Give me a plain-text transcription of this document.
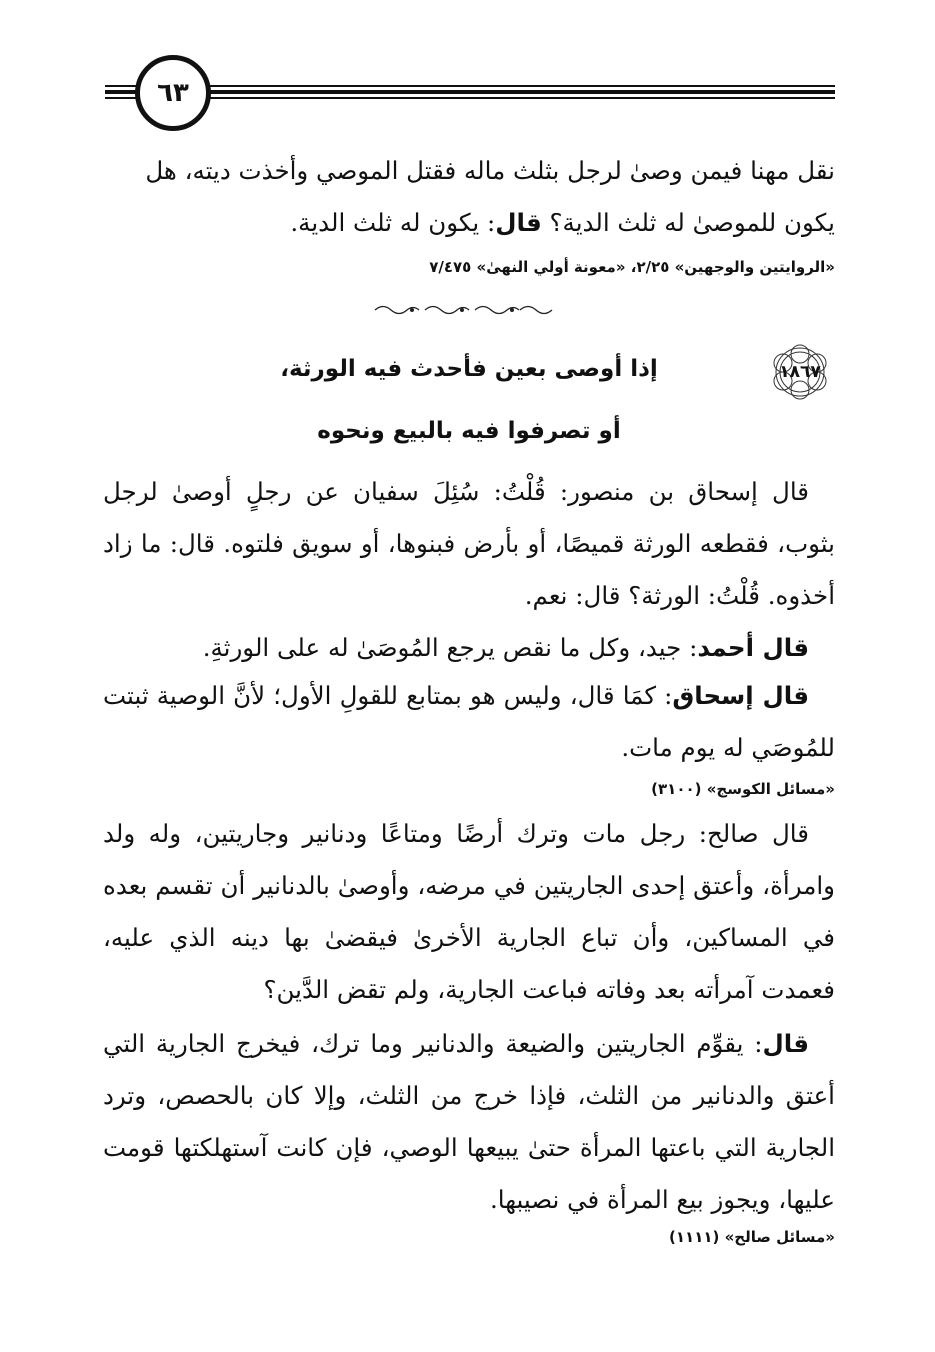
٦٣

نقل مهنا فيمن وصىٰ لرجل بثلث ماله فقتل الموصي وأخذت ديته، هل

يكون للموصىٰ له ثلث الدية؟ قال: يكون له ثلث الدية.

«الروايتين والوجهين» ٢/٢٥، «معونة أولي النهىٰ» ٧/٤٧٥
١٨٦٧
إذا أوصى بعين فأحدث فيه الورثة،
أو تصرفوا فيه بالبيع ونحوه

قال إسحاق بن منصور: قُلْتُ: سُئِلَ سفيان عن رجلٍ أوصىٰ لرجل بثوب، فقطعه الورثة قميصًا، أو بأرض فبنوها، أو سويق فلتوه. قال: ما زاد أخذوه. قُلْتُ: الورثة؟ قال: نعم.

قال أحمد: جيد، وكل ما نقص يرجع المُوصَىٰ له على الورثةِ.

قال إسحاق: كمَا قال، وليس هو بمتابع للقولِ الأول؛ لأنَّ الوصية ثبتت للمُوصَي له يوم مات.

«مسائل الكوسج» (٣١٠٠)

قال صالح: رجل مات وترك أرضًا ومتاعًا ودنانير وجاريتين، وله ولد وامرأة، وأعتق إحدى الجاريتين في مرضه، وأوصىٰ بالدنانير أن تقسم بعده في المساكين، وأن تباع الجارية الأخرىٰ فيقضىٰ بها دينه الذي عليه، فعمدت آمرأته بعد وفاته فباعت الجارية، ولم تقض الدَّين؟

قال: يقوِّم الجاريتين والضيعة والدنانير وما ترك، فيخرج الجارية التي أعتق والدنانير من الثلث، فإذا خرج من الثلث، وإلا كان بالحصص، وترد الجارية التي باعتها المرأة حتىٰ يبيعها الوصي، فإن كانت آستهلكتها قومت عليها، ويجوز بيع المرأة في نصيبها.

«مسائل صالح» (١١١١)
